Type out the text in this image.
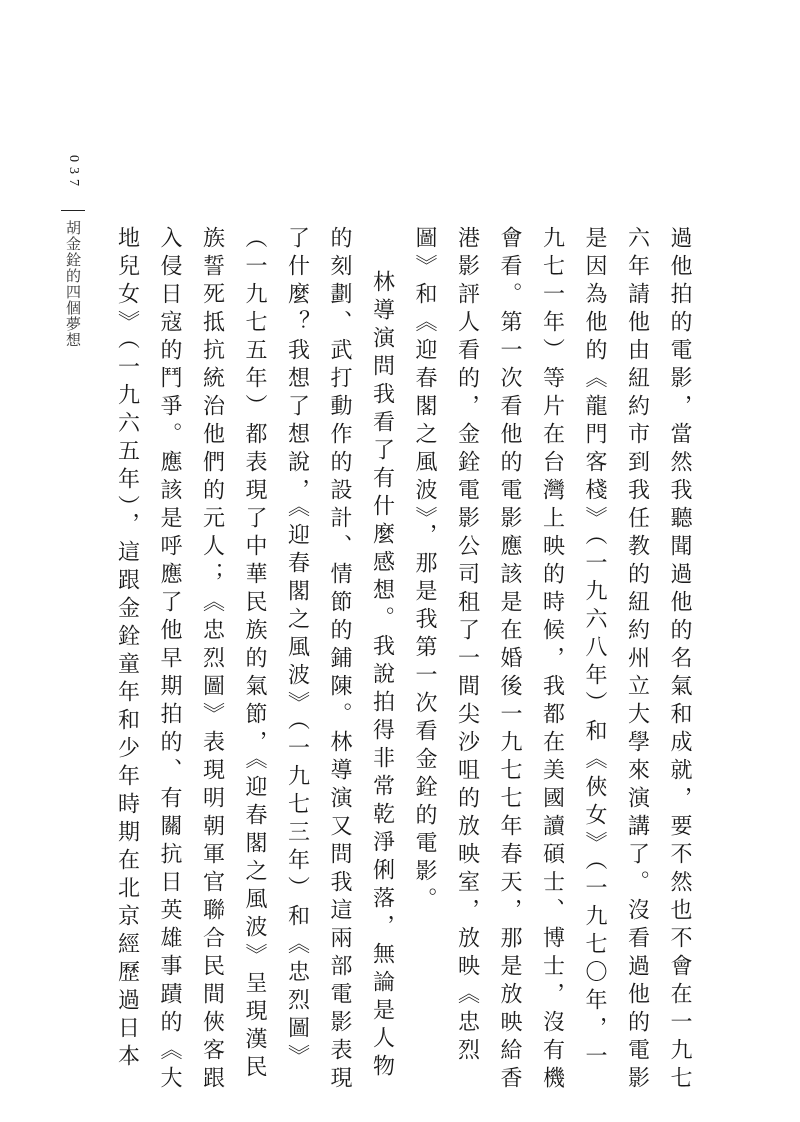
037
胡金銓的四個夢想	過他拍的電影，當然我聽聞過他的名氣和成就，要不然也不會在一九七六年請他由紐約市到我任教的紐約州立大學來演講了。沒看過他的電影是因為他的《龍門客棧》（一九六八年）和《俠女》（一九七〇年，一九七一年）等片在台灣上映的時候，我都在美國讀碩士、博士，沒有機會看。第一次看他的電影應該是在婚後一九七七年春天，那是放映給香港影評人看的，金銓電影公司租了一間尖沙咀的放映室，放映《忠烈圖》和《迎春閣之風波》，那是我第一次看金銓的電影。

林導演問我看了有什麼感想。我說拍得非常乾淨俐落，無論是人物的刻劃、武打動作的設計、情節的鋪陳。林導演又問我這兩部電影表現了什麼？我想了想說，《迎春閣之風波》（一九七三年）和《忠烈圖》（一九七五年）都表現了中華民族的氣節，《迎春閣之風波》呈現漢民族誓死抵抗統治他們的元人；《忠烈圖》表現明朝軍官聯合民間俠客跟入侵日寇的鬥爭。應該是呼應了他早期拍的、有關抗日英雄事蹟的《大地兒女》（一九六五年），這跟金銓童年和少年時期在北京經歷過日本
